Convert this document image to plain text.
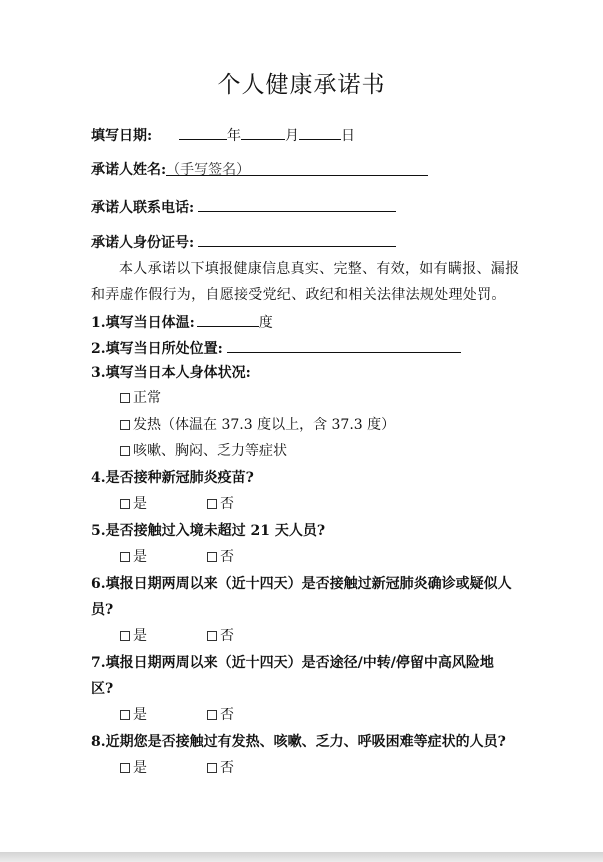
个人健康承诺书
填写日期:	年	月	日
承诺人姓名:（手写签名）
承诺人联系电话:
承诺人身份证号:
本人承诺以下填报健康信息真实、完整、有效，如有瞒报、漏报
和弄虚作假行为，自愿接受党纪、政纪和相关法律法规处理处罚。
1.填写当日体温:	度
2.填写当日所处位置:
3.填写当日本人身体状况:
正常
发热（体温在 37.3 度以上，含 37.3 度）
咳嗽、胸闷、乏力等症状
4.是否接种新冠肺炎疫苗?
是	否
5.是否接触过入境未超过 21 天人员?
是	否
6.填报日期两周以来（近十四天）是否接触过新冠肺炎确诊或疑似人
员?
是	否
7.填报日期两周以来（近十四天）是否途径/中转/停留中高风险地
区?
是	否
8.近期您是否接触过有发热、咳嗽、乏力、呼吸困难等症状的人员?
是	否
